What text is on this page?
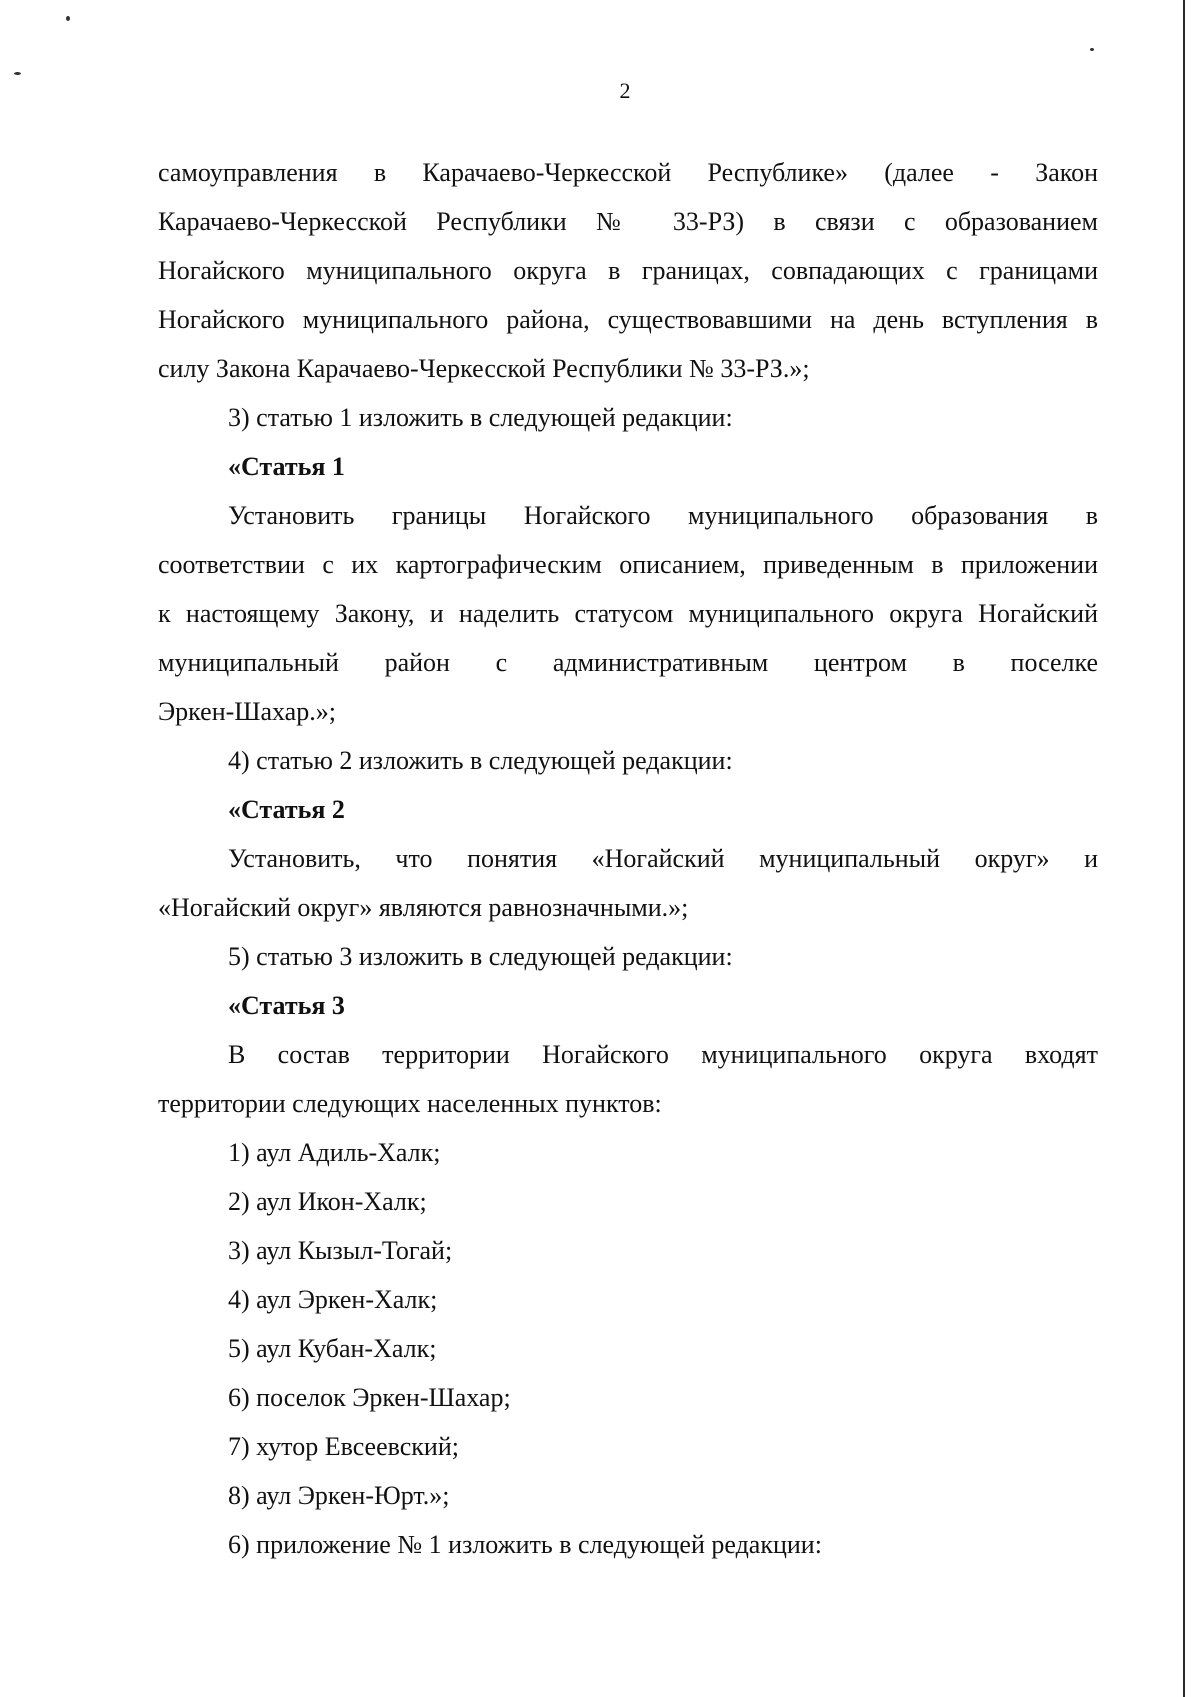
2
самоуправления в Карачаево-Черкесской Республике» (далее - Закон
Карачаево-Черкесской Республики № 33-РЗ) в связи с образованием
Ногайского муниципального округа в границах, совпадающих с границами
Ногайского муниципального района, существовавшими на день вступления в
силу Закона Карачаево-Черкесской Республики № 33-РЗ.»;
3) статью 1 изложить в следующей редакции:
«Статья 1
Установить границы Ногайского муниципального образования в
соответствии с их картографическим описанием, приведенным в приложении
к настоящему Закону, и наделить статусом муниципального округа Ногайский
муниципальный район с административным центром в поселке
Эркен-Шахар.»;
4) статью 2 изложить в следующей редакции:
«Статья 2
Установить, что понятия «Ногайский муниципальный округ» и
«Ногайский округ» являются равнозначными.»;
5) статью 3 изложить в следующей редакции:
«Статья 3
В состав территории Ногайского муниципального округа входят
территории следующих населенных пунктов:
1) аул Адиль-Халк;
2) аул Икон-Халк;
3) аул Кызыл-Тогай;
4) аул Эркен-Халк;
5) аул Кубан-Халк;
6) поселок Эркен-Шахар;
7) хутор Евсеевский;
8) аул Эркен-Юрт.»;
6) приложение № 1 изложить в следующей редакции:
